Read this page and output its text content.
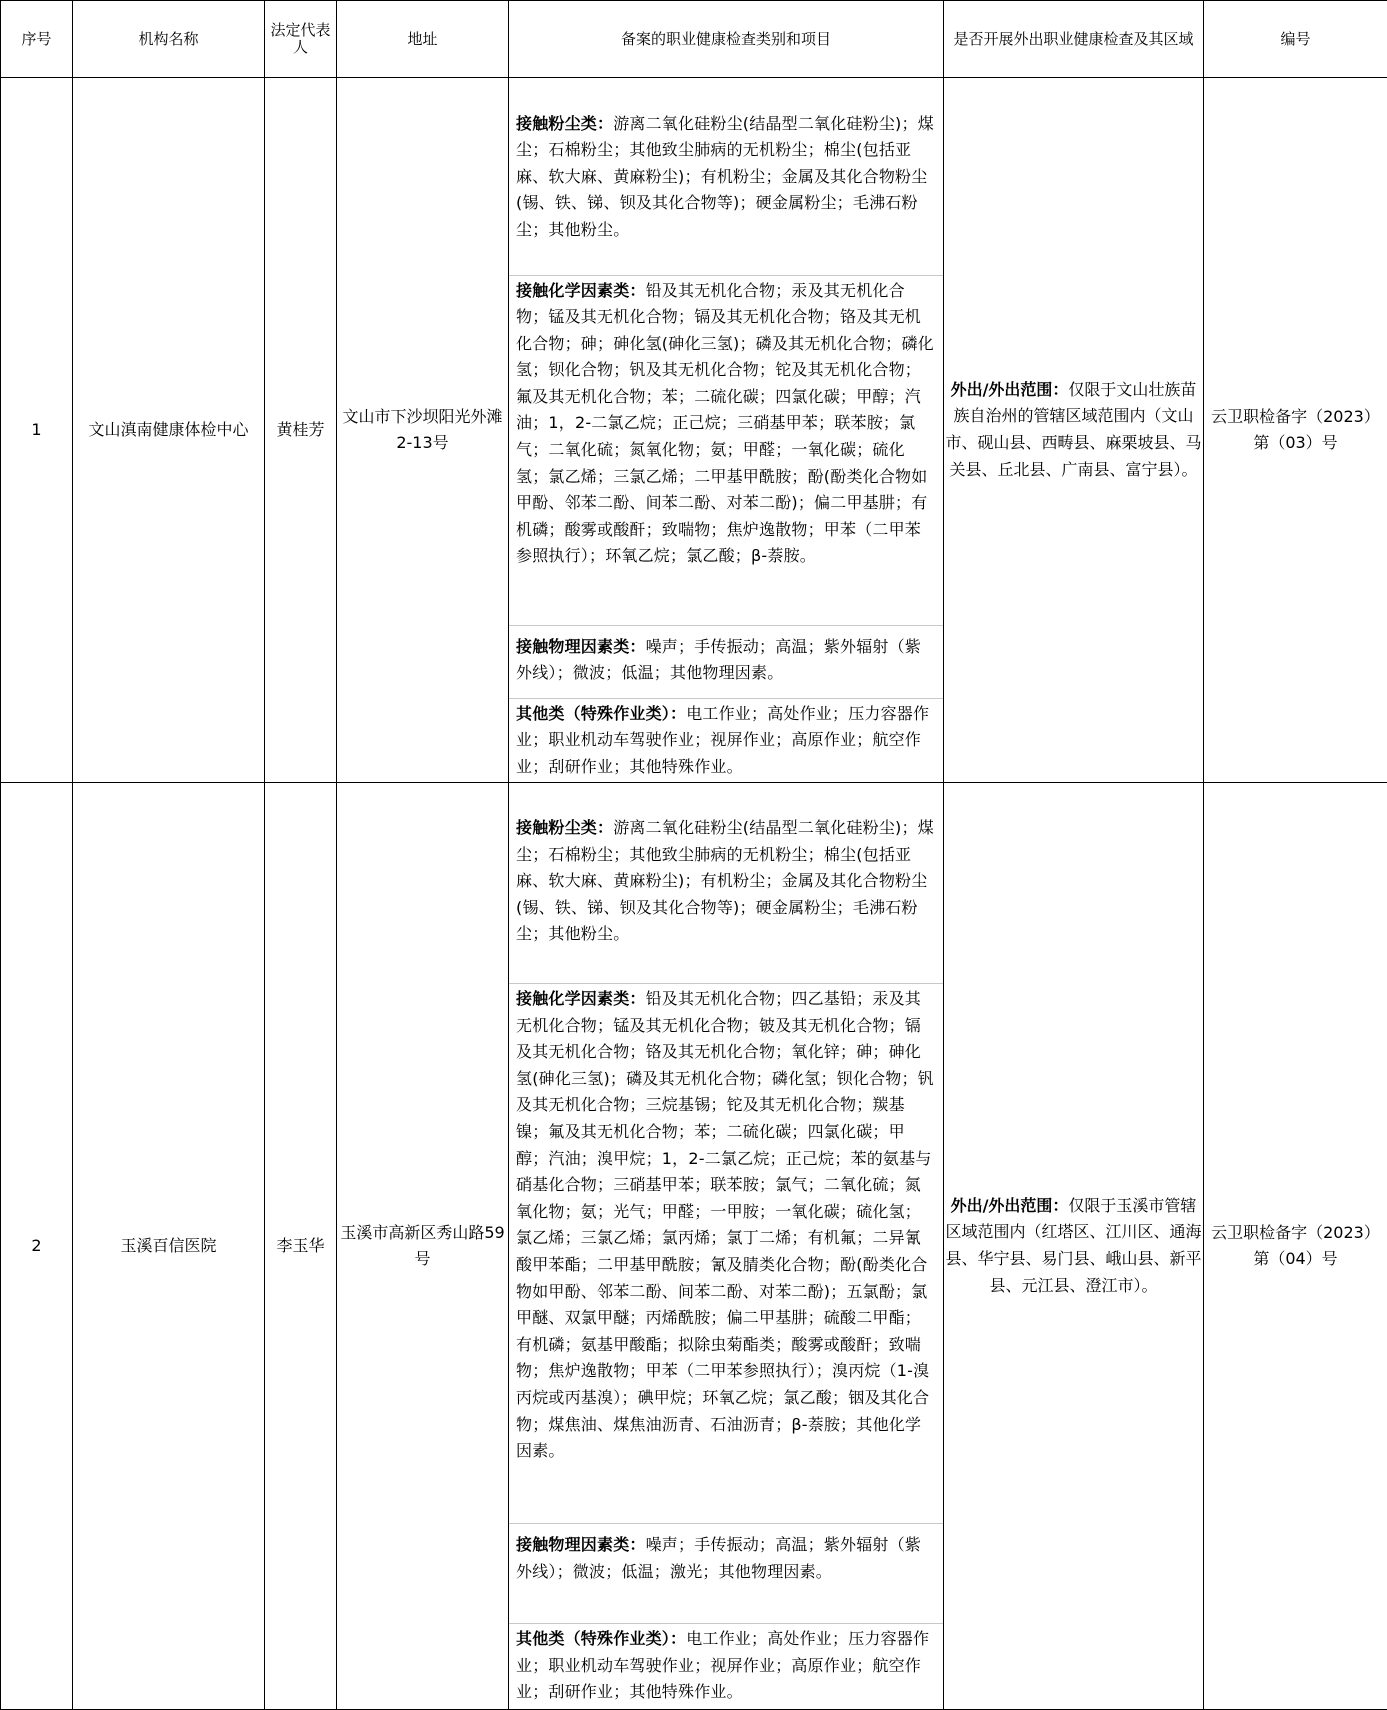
序号	机构名称	法定代表人	地址	备案的职业健康检查类别和项目	是否开展外出职业健康检查及其区域	编号
1	文山滇南健康体检中心	黄桂芳	文山市下沙坝阳光外滩2-13号	接触粉尘类：游离二氧化硅粉尘(结晶型二氧化硅粉尘)；煤尘；石棉粉尘；其他致尘肺病的无机粉尘；棉尘(包括亚麻、软大麻、黄麻粉尘)；有机粉尘；金属及其化合物粉尘(锡、铁、锑、钡及其化合物等)；硬金属粉尘；毛沸石粉尘；其他粉尘。
接触化学因素类：铅及其无机化合物；汞及其无机化合物；锰及其无机化合物；镉及其无机化合物；铬及其无机化合物；砷；砷化氢(砷化三氢)；磷及其无机化合物；磷化氢；钡化合物；钒及其无机化合物；铊及其无机化合物；氟及其无机化合物；苯；二硫化碳；四氯化碳；甲醇；汽油；1，2-二氯乙烷；正己烷；三硝基甲苯；联苯胺；氯气；二氧化硫；氮氧化物；氨；甲醛；一氧化碳；硫化氢；氯乙烯；三氯乙烯；二甲基甲酰胺；酚(酚类化合物如甲酚、邻苯二酚、间苯二酚、对苯二酚)；偏二甲基肼；有机磷；酸雾或酸酐；致喘物；焦炉逸散物；甲苯（二甲苯参照执行）；环氧乙烷；氯乙酸；β-萘胺。
接触物理因素类：噪声；手传振动；高温；紫外辐射（紫外线）；微波；低温；其他物理因素。
其他类（特殊作业类）：电工作业；高处作业；压力容器作业；职业机动车驾驶作业；视屏作业；高原作业；航空作业；刮研作业；其他特殊作业。	外出/外出范围：仅限于文山壮族苗族自治州的管辖区域范围内（文山市、砚山县、西畴县、麻栗坡县、马关县、丘北县、广南县、富宁县）。	云卫职检备字（2023）第（03）号
2	玉溪百信医院	李玉华	玉溪市高新区秀山路59号	接触粉尘类：游离二氧化硅粉尘(结晶型二氧化硅粉尘)；煤尘；石棉粉尘；其他致尘肺病的无机粉尘；棉尘(包括亚麻、软大麻、黄麻粉尘)；有机粉尘；金属及其化合物粉尘(锡、铁、锑、钡及其化合物等)；硬金属粉尘；毛沸石粉尘；其他粉尘。
接触化学因素类：铅及其无机化合物；四乙基铅；汞及其无机化合物；锰及其无机化合物；铍及其无机化合物；镉及其无机化合物；铬及其无机化合物；氧化锌；砷；砷化氢(砷化三氢)；磷及其无机化合物；磷化氢；钡化合物；钒及其无机化合物；三烷基锡；铊及其无机化合物；羰基镍；氟及其无机化合物；苯；二硫化碳；四氯化碳；甲醇；汽油；溴甲烷；1，2-二氯乙烷；正己烷；苯的氨基与硝基化合物；三硝基甲苯；联苯胺；氯气；二氧化硫；氮氧化物；氨；光气；甲醛；一甲胺；一氧化碳；硫化氢；氯乙烯；三氯乙烯；氯丙烯；氯丁二烯；有机氟；二异氰酸甲苯酯；二甲基甲酰胺；氰及腈类化合物；酚(酚类化合物如甲酚、邻苯二酚、间苯二酚、对苯二酚)；五氯酚；氯甲醚、双氯甲醚；丙烯酰胺；偏二甲基肼；硫酸二甲酯；有机磷；氨基甲酸酯；拟除虫菊酯类；酸雾或酸酐；致喘物；焦炉逸散物；甲苯（二甲苯参照执行）；溴丙烷（1-溴丙烷或丙基溴）；碘甲烷；环氧乙烷；氯乙酸；铟及其化合物；煤焦油、煤焦油沥青、石油沥青；β-萘胺；其他化学因素。
接触物理因素类：噪声；手传振动；高温；紫外辐射（紫外线）；微波；低温；激光；其他物理因素。
其他类（特殊作业类）：电工作业；高处作业；压力容器作业；职业机动车驾驶作业；视屏作业；高原作业；航空作业；刮研作业；其他特殊作业。	外出/外出范围：仅限于玉溪市管辖区域范围内（红塔区、江川区、通海县、华宁县、易门县、峨山县、新平县、元江县、澄江市）。	云卫职检备字（2023）第（04）号
